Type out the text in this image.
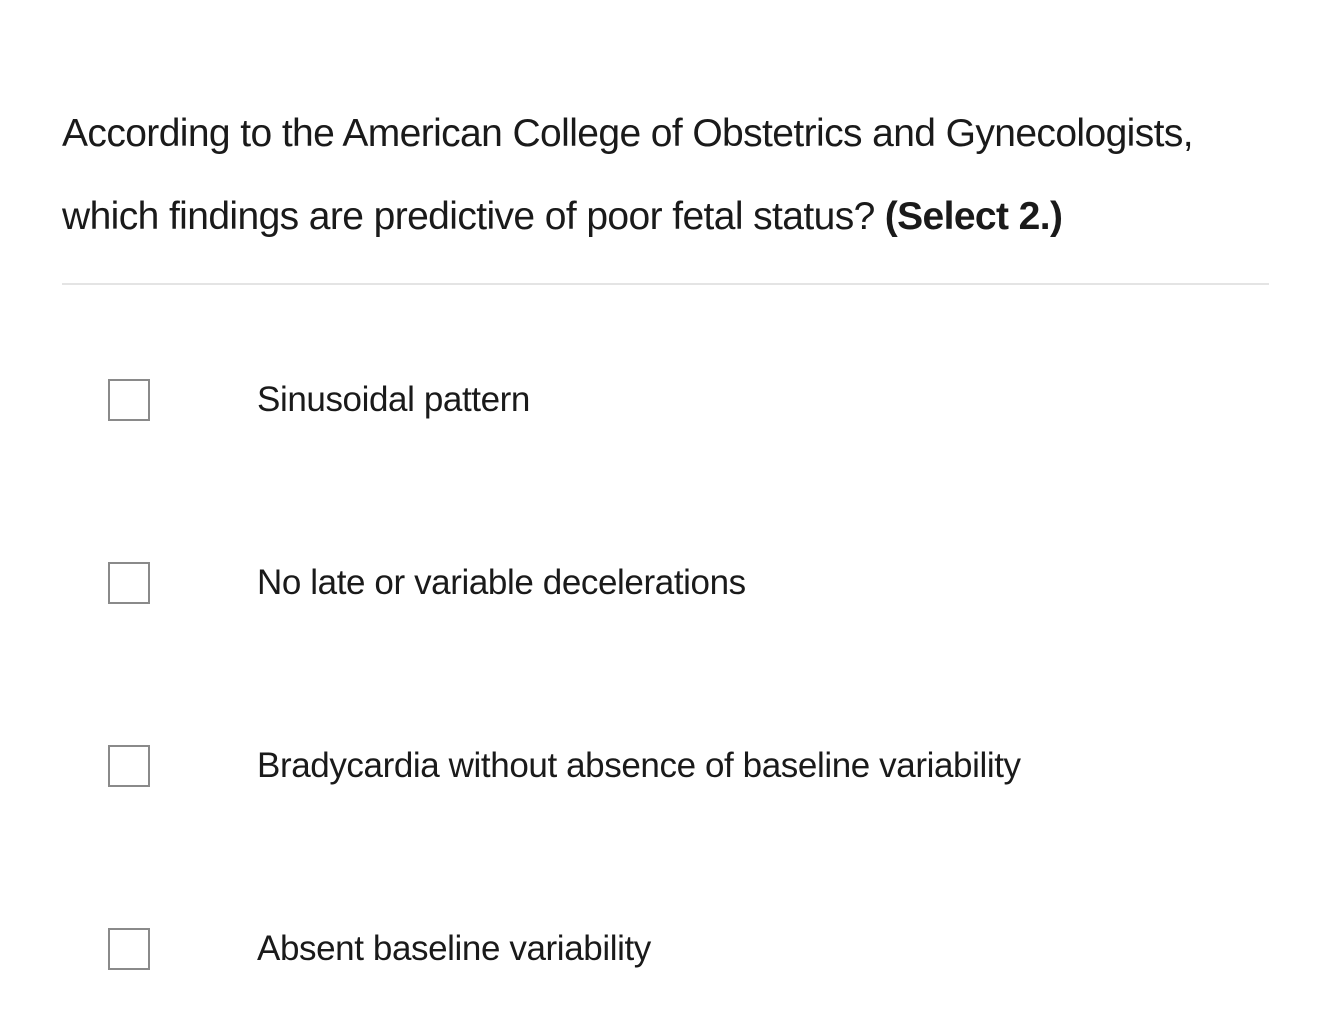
According to the American College of Obstetrics and Gynecologists, which findings are predictive of poor fetal status? (Select 2.)
Sinusoidal pattern
No late or variable decelerations
Bradycardia without absence of baseline variability
Absent baseline variability
